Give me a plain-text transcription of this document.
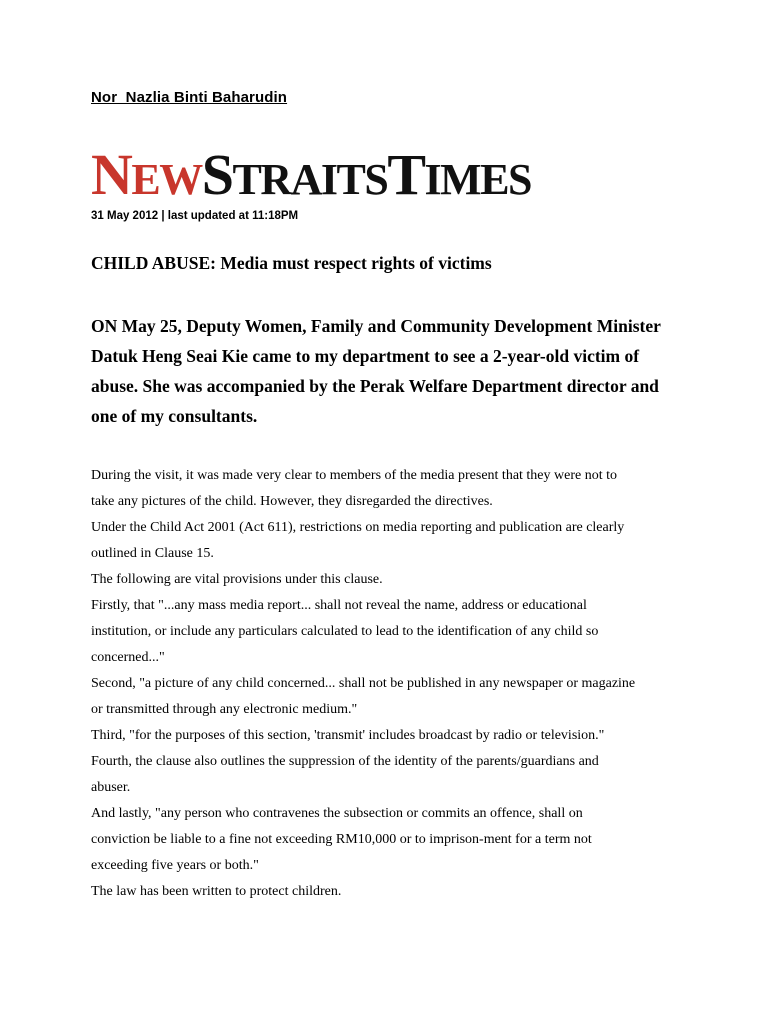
Nor  Nazlia Binti Baharudin
NEWSTRAITSTIMES
31 May 2012 | last updated at 11:18PM
CHILD ABUSE: Media must respect rights of victims

ON May 25, Deputy Women, Family and Community Development Minister

Datuk Heng Seai Kie came to my department to see a 2-year-old victim of

abuse. She was accompanied by the Perak Welfare Department director and

one of my consultants.

During the visit, it was made very clear to members of the media present that they were not to

take any pictures of the child. However, they disregarded the directives.

Under the Child Act 2001 (Act 611), restrictions on media reporting and publication are clearly

outlined in Clause 15.

The following are vital provisions under this clause.

Firstly, that "...any mass media report... shall not reveal the name, address or educational

institution, or include any particulars calculated to lead to the identification of any child so

concerned..."

Second, "a picture of any child concerned... shall not be published in any newspaper or magazine

or transmitted through any electronic medium."

Third, "for the purposes of this section, 'transmit' includes broadcast by radio or television."

Fourth, the clause also outlines the suppression of the identity of the parents/guardians and

abuser.

And lastly, "any person who contravenes the subsection or commits an offence, shall on

conviction be liable to a fine not exceeding RM10,000 or to imprison-ment for a term not

exceeding five years or both."

The law has been written to protect children.
